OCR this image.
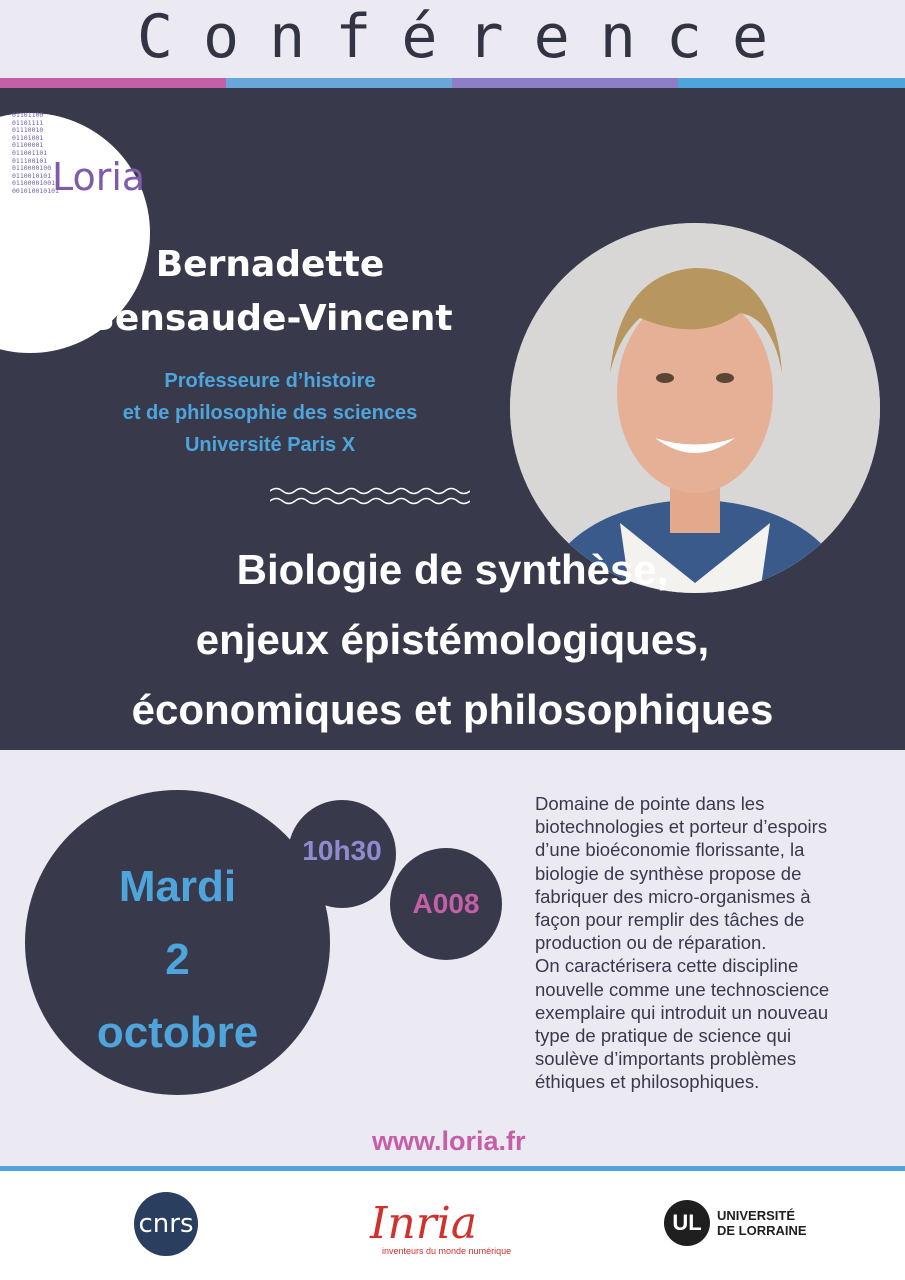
Conférence
Bernadette
Bensaude-Vincent
Professeure d’histoire
et de philosophie des sciences
Université Paris X
Biologie de synthèse,
enjeux épistémologiques,
économiques et philosophiques
01101100
01101111
01110010
01101001
01100001
011001101
011100101
0110000100
0110010101
01100001001
001010010101
Loria
Mardi
2
octobre
10h30
A008

Domaine de pointe dans les

biotechnologies et porteur d’espoirs

d’une bioéconomie florissante, la

biologie de synthèse propose de

fabriquer des micro-organismes à

façon pour remplir des tâches de

production ou de réparation.

On caractérisera cette discipline

nouvelle comme une technoscience

exemplaire qui introduit un nouveau

type de pratique de science qui

soulève d’importants problèmes

éthiques et philosophiques.

www.loria.fr
cnrs	Inria
inventeurs du monde numérique
UL	UNIVERSITÉ
DE LORRAINE
